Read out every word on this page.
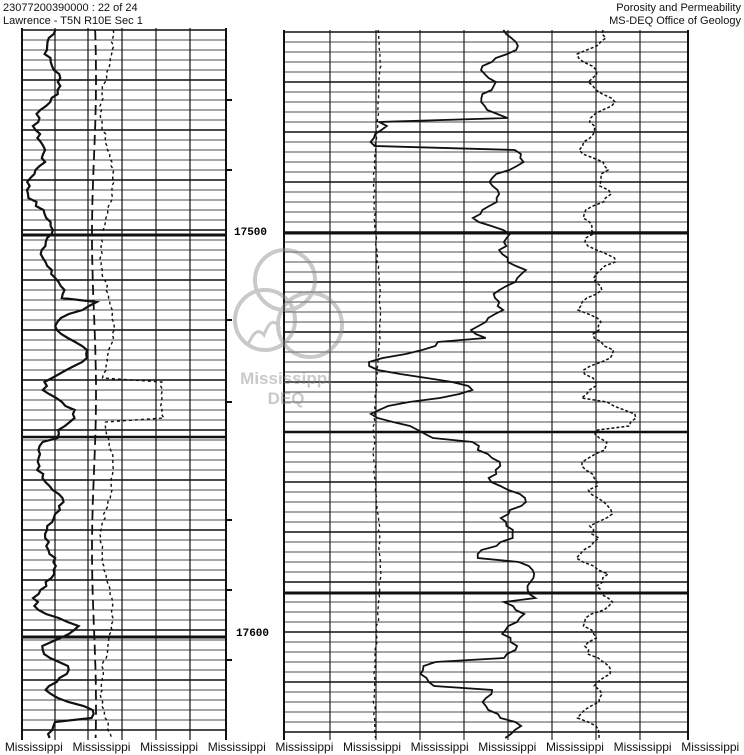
23077200390000 : 22 of 24
Lawrence - T5N R10E Sec 1
Porosity and Permeability
MS-DEQ Office of Geology
17500
17600
Mississippi
DEQ
Mississippi Mississippi Mississippi Mississippi Mississippi Mississippi Mississippi Mississippi Mississippi Mississippi Mississippi
